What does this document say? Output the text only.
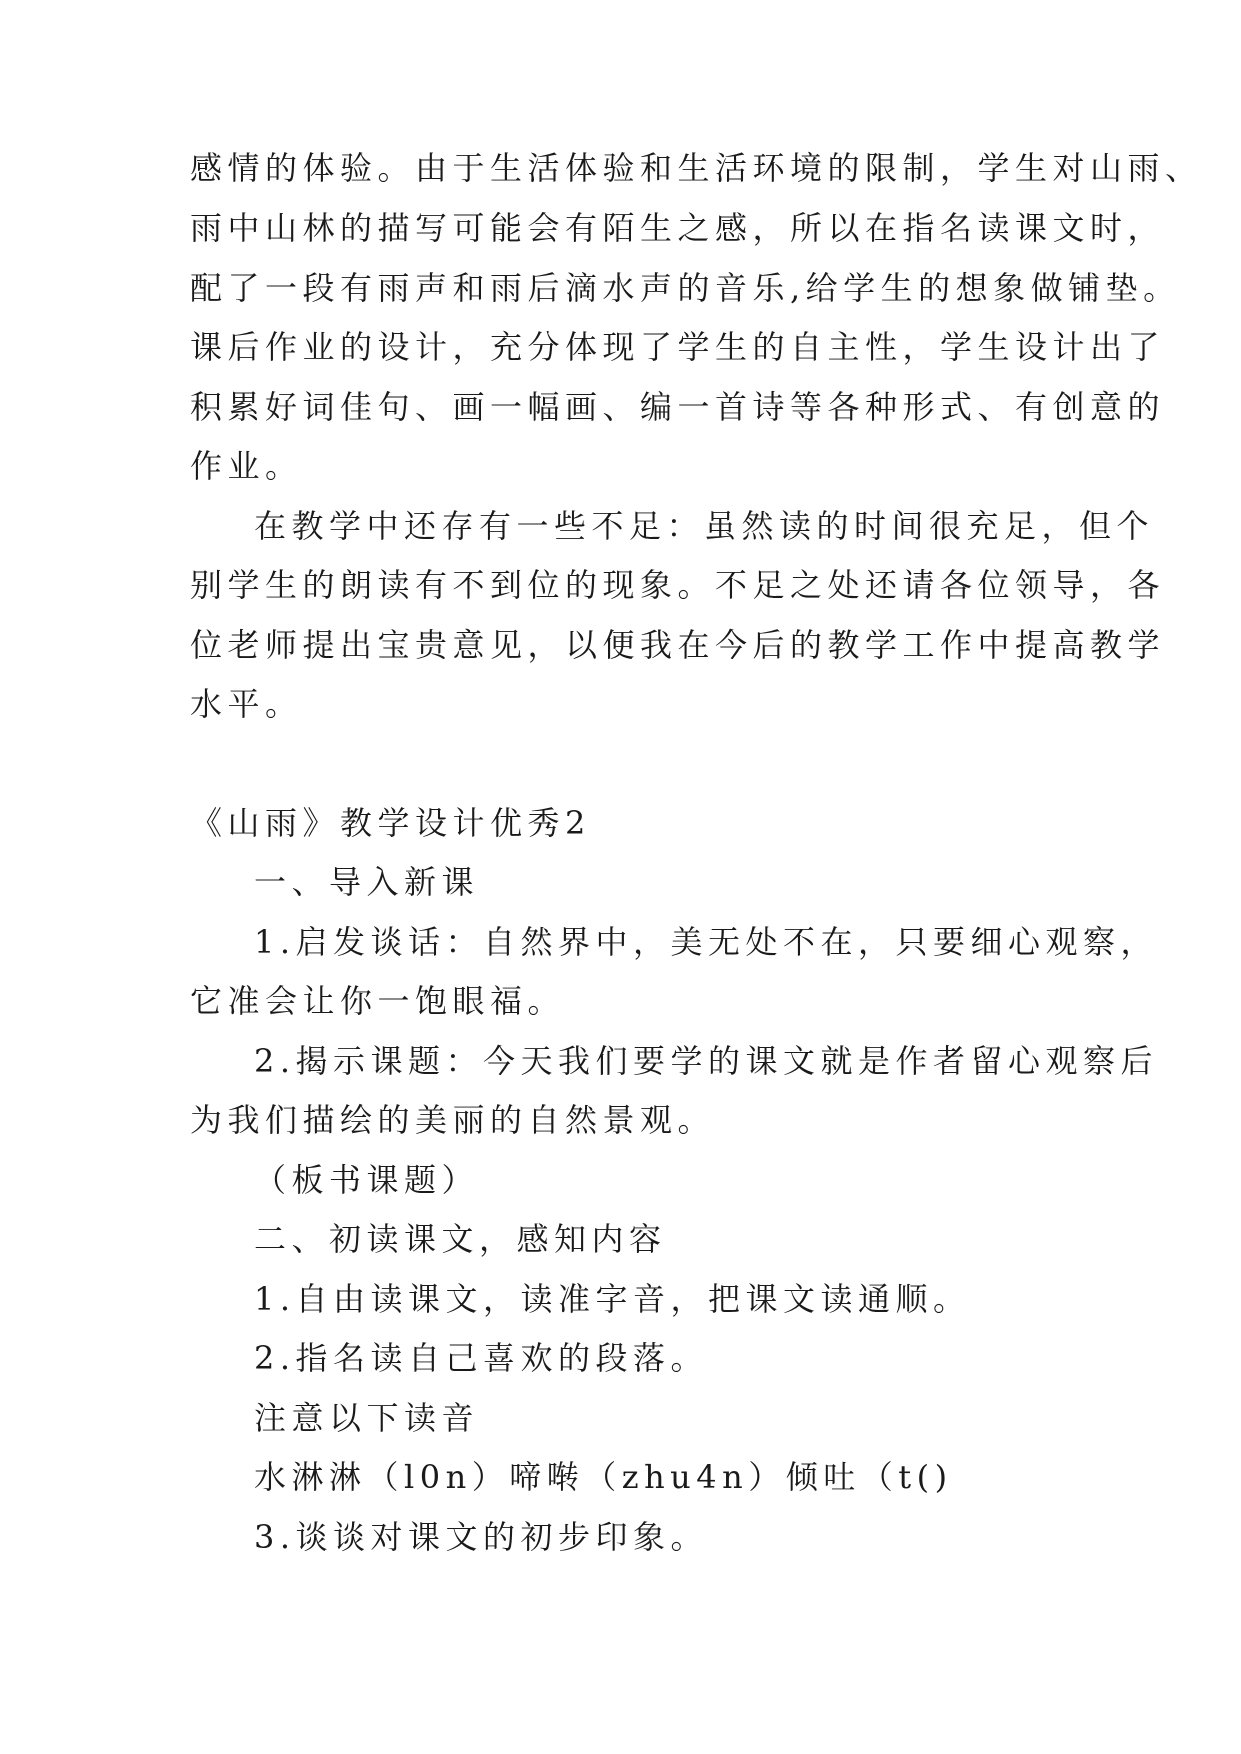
感情的体验。由于生活体验和生活环境的限制，学生对山雨、
雨中山林的描写可能会有陌生之感，所以在指名读课文时，
配了一段有雨声和雨后滴水声的音乐,给学生的想象做铺垫。
课后作业的设计，充分体现了学生的自主性，学生设计出了
积累好词佳句、画一幅画、编一首诗等各种形式、有创意的
作业。
在教学中还存有一些不足：虽然读的时间很充足，但个
别学生的朗读有不到位的现象。不足之处还请各位领导，各
位老师提出宝贵意见，以便我在今后的教学工作中提高教学
水平。
《山雨》教学设计优秀2
一、导入新课
1.启发谈话：自然界中，美无处不在，只要细心观察，
它准会让你一饱眼福。
2.揭示课题：今天我们要学的课文就是作者留心观察后
为我们描绘的美丽的自然景观。
（板书课题）
二、初读课文，感知内容
1.自由读课文，读准字音，把课文读通顺。
2.指名读自己喜欢的段落。
注意以下读音
水淋淋（l0n）啼啭（zhu4n）倾吐（t()
3.谈谈对课文的初步印象。
